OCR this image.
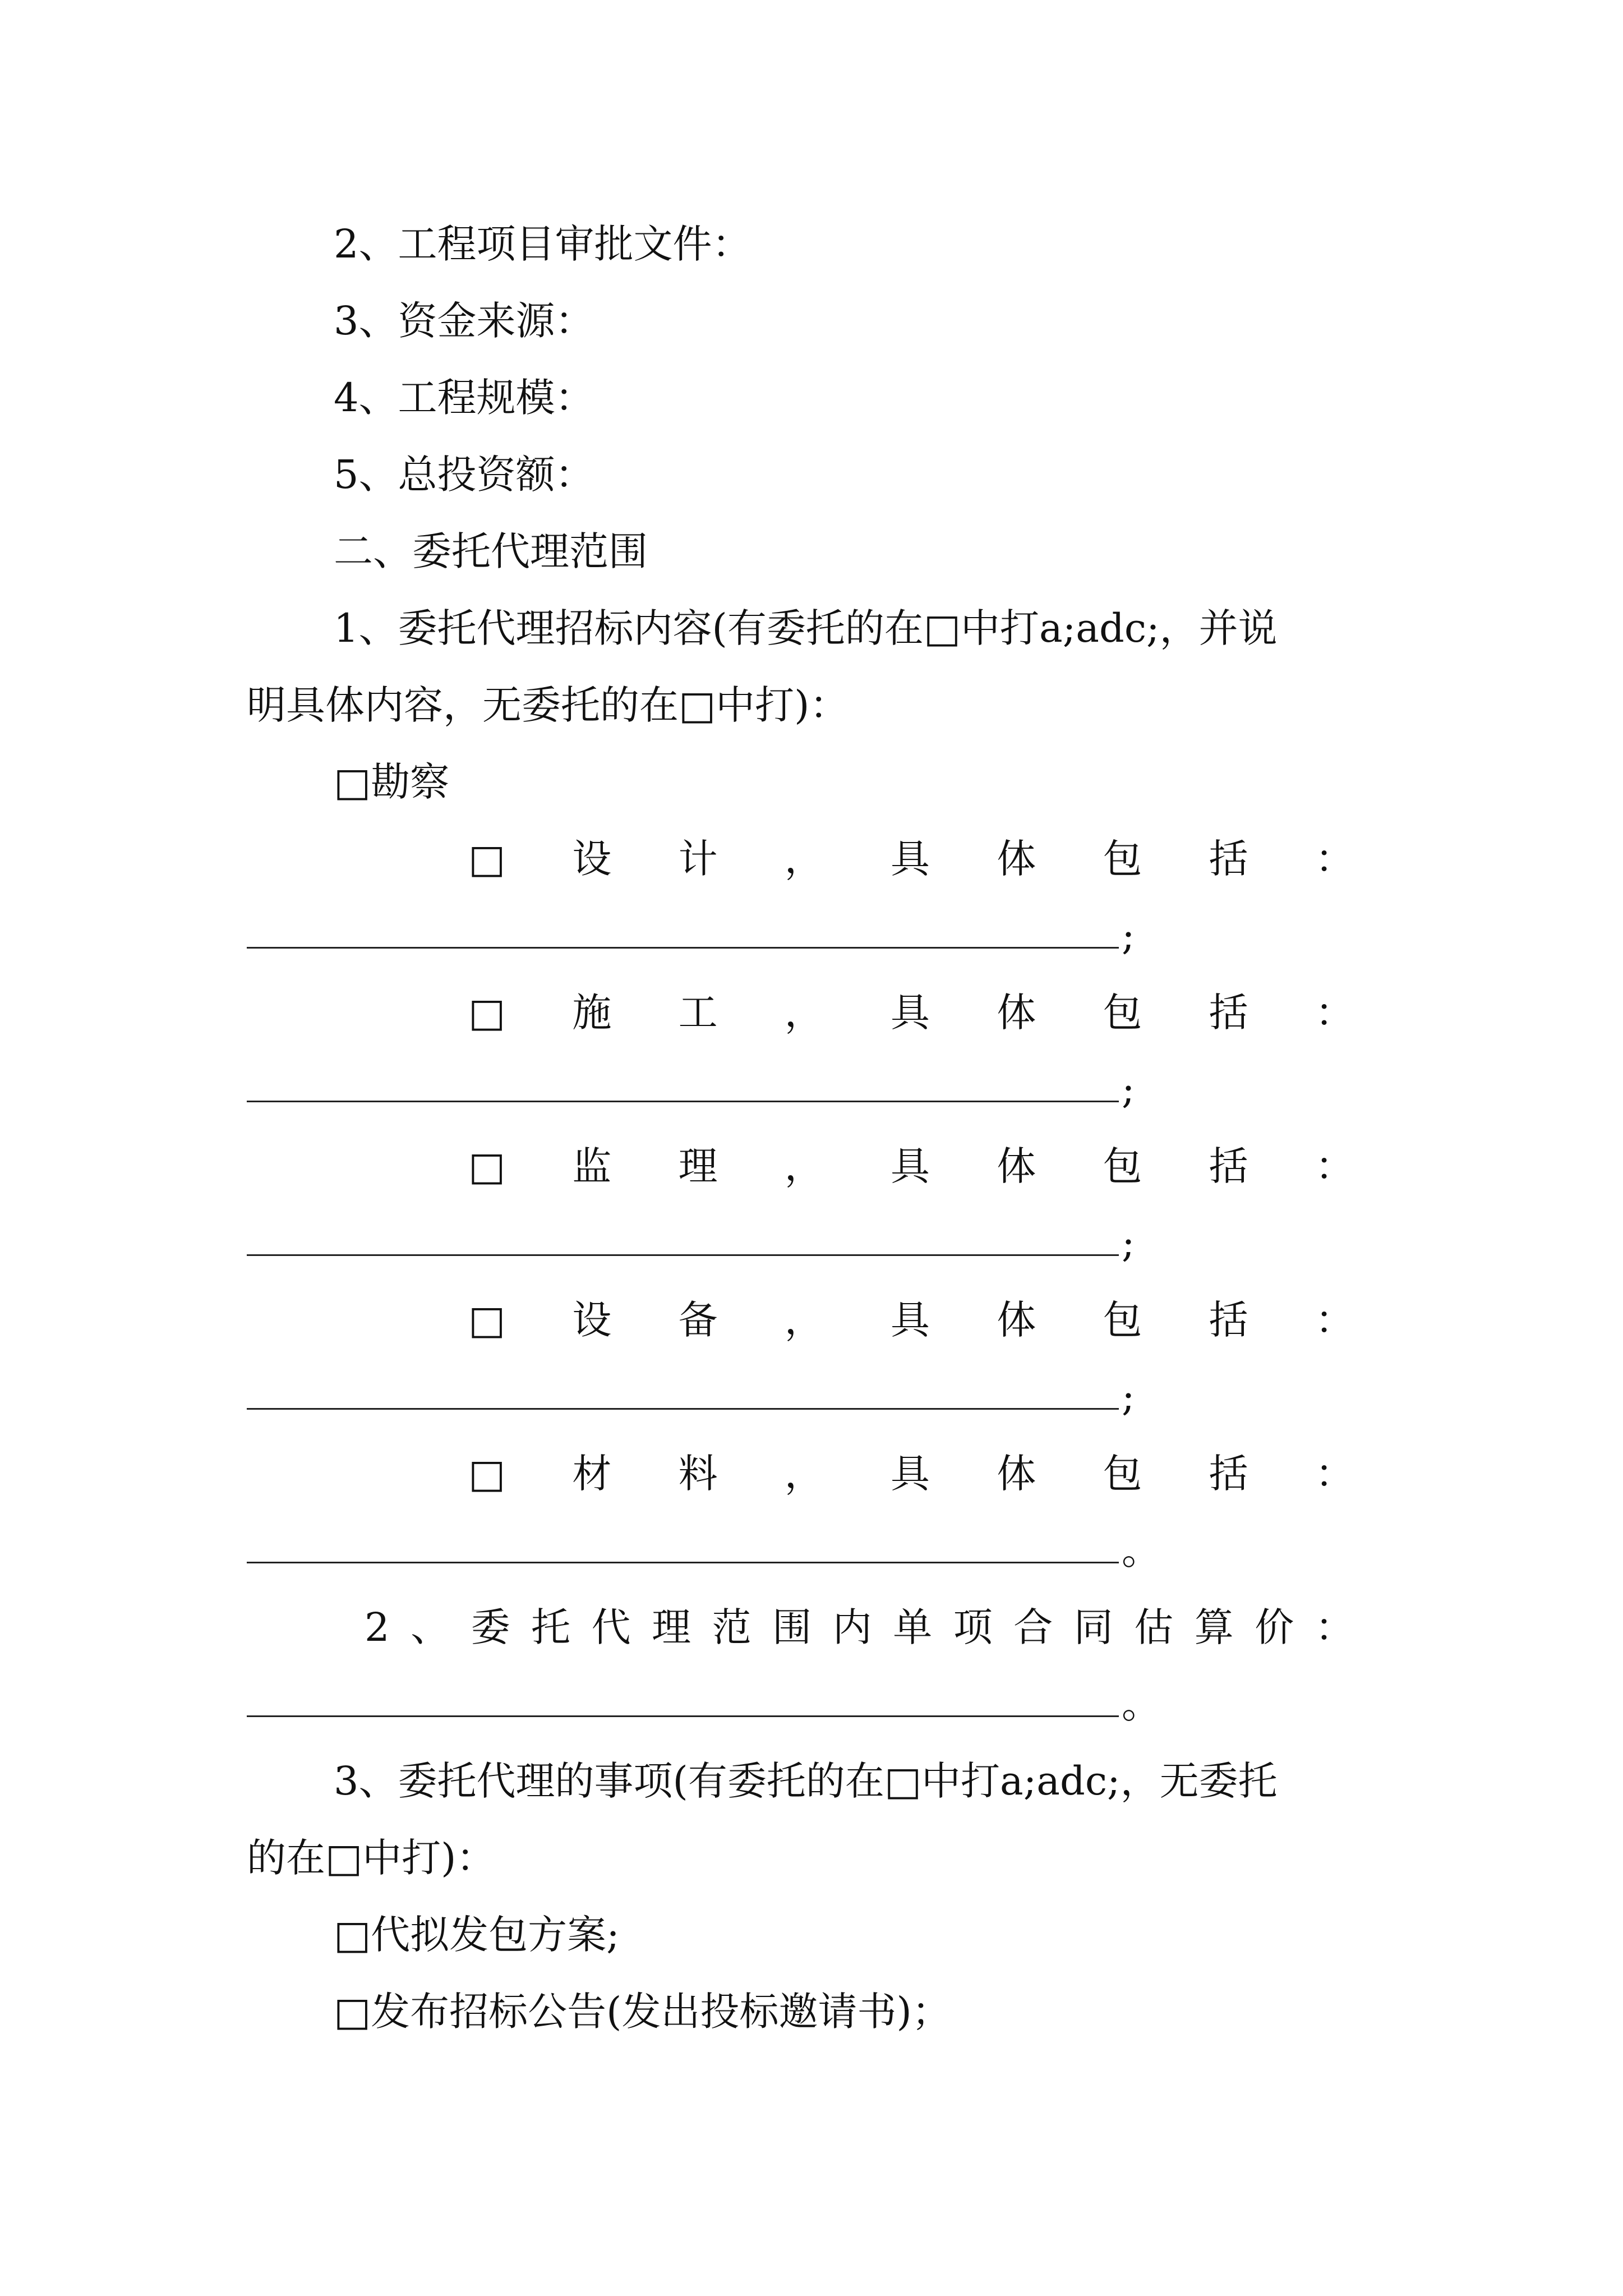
2、工程项目审批文件：
3、资金来源：
4、工程规模：
5、总投资额：
二、委托代理范围
1、委托代理招标内容(有委托的在□中打a;adc;，并说
明具体内容，无委托的在□中打)：
□勘察
□ 设 计 ， 具 体 包 括 ：
;
□ 施 工 ， 具 体 包 括 ：
;
□ 监 理 ， 具 体 包 括 ：
;
□ 设 备 ， 具 体 包 括 ：
;
□ 材 料 ， 具 体 包 括 ：
。
2 、 委 托 代 理 范 围 内 单 项 合 同 估 算 价 ：
。
3、委托代理的事项(有委托的在□中打a;adc;，无委托
的在□中打)：
□代拟发包方案;
□发布招标公告(发出投标邀请书)；
